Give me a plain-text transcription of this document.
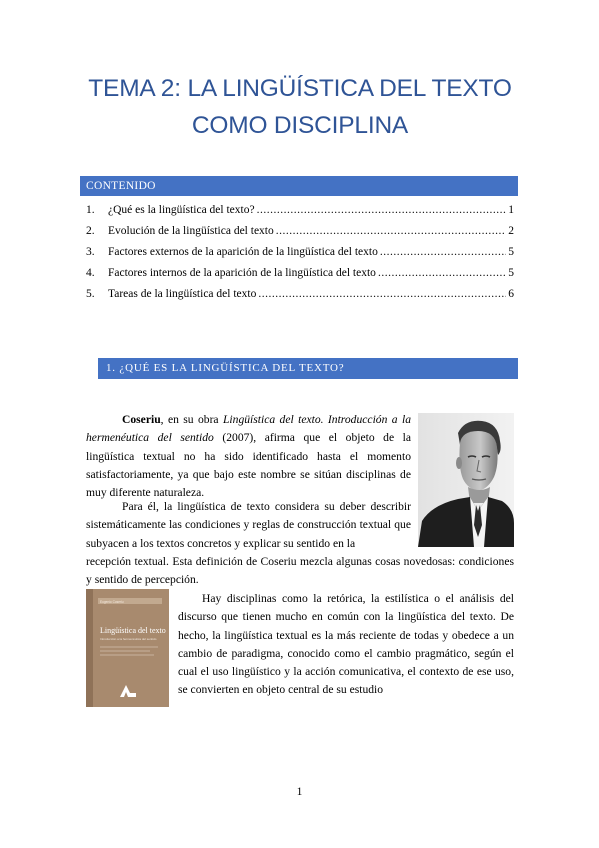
TEMA 2: LA LINGÜÍSTICA DEL TEXTO
COMO DISCIPLINA
CONTENIDO
1.	¿Qué es la lingüística del texto? .....	1
2.	Evolución de la lingüística del texto .....	2
3.	Factores externos de la aparición de la lingüística del texto .....	5
4.	Factores internos de la aparición de la lingüística del texto .....	5
5.	Tareas de la lingüística del texto .....	6
1. ¿QUÉ ES LA LINGÜÍSTICA DEL TEXTO?
Coseriu, en su obra Lingüística del texto. Introducción a la hermenéutica del sentido (2007), afirma que el objeto de la lingüística textual no ha sido identificado hasta el momento satisfactoriamente, ya que bajo este nombre se sitúan disciplinas de muy diferente naturaleza.
Para él, la lingüística de texto considera su deber describir sistemáticamente las condiciones y reglas de construcción textual que subyacen a los textos concretos y explicar su sentido en la
recepción textual. Esta definición de Coseriu mezcla algunas cosas novedosas: condiciones y sentido de percepción.
Eugenio Coseriu
Lingüística del texto
Introducción a la hermenéutica del sentido
Hay disciplinas como la retórica, la estilística o el análisis del discurso que tienen mucho en común con la lingüística del texto. De hecho, la lingüística textual es la más reciente de todas y obedece a un cambio de paradigma, conocido como el cambio pragmático, según el cual el uso lingüístico y la acción comunicativa, el contexto de ese uso, se convierten en objeto central de su estudio
1
